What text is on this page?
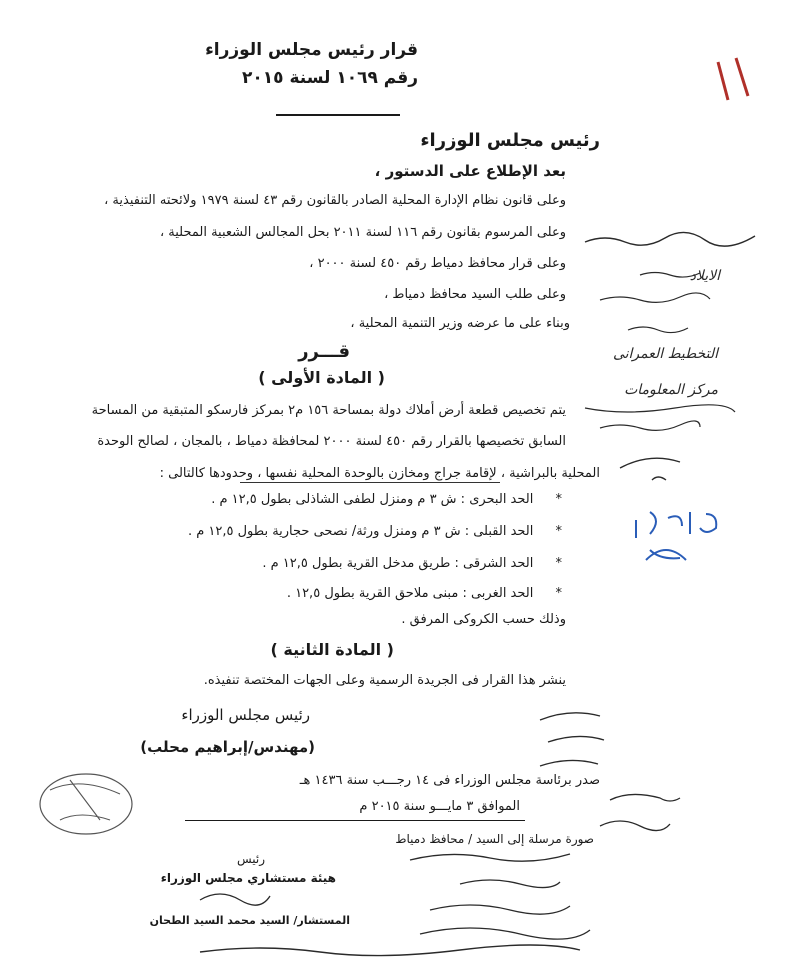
قرار رئيس مجلس الوزراء
رقم ١٠٦٩ لسنة ٢٠١٥
رئيس مجلس الوزراء
بعد الإطلاع على الدستور ،
وعلى قانون نظام الإدارة المحلية الصادر بالقانون رقم ٤٣ لسنة ١٩٧٩ ولائحته التنفيذية ،
وعلى المرسوم بقانون رقم ١١٦ لسنة ٢٠١١ بحل المجالس الشعبية المحلية ،
وعلى قرار محافظ دمياط رقم ٤٥٠ لسنة ٢٠٠٠ ،
وعلى طلب السيد محافظ دمياط ،
وبناء على ما عرضه وزير التنمية المحلية ،
قـــرر
( المادة الأولى )
يتم تخصيص قطعة أرض أملاك دولة بمساحة ١٥٦ م٢ بمركز فارسكو المتبقية من المساحة
السابق تخصيصها بالقرار رقم ٤٥٠ لسنة ٢٠٠٠ لمحافظة دمياط ، بالمجان ، لصالح الوحدة
المحلية بالبراشية ، لإقامة جراج ومخازن بالوحدة المحلية نفسها ، وحدودها كالتالى :
* الحد البحرى : ش ٣ م ومنزل لطفى الشاذلى بطول ١٢,٥ م .
* الحد القبلى : ش ٣ م ومنزل ورثة/ نصحى حجارية بطول ١٢,٥ م .
* الحد الشرقى : طريق مدخل القرية بطول ١٢,٥ م .
* الحد الغربى : مبنى ملاحق القرية بطول ١٢,٥ .
وذلك حسب الكروكى المرفق .
( المادة الثانية )
ينشر هذا القرار فى الجريدة الرسمية وعلى الجهات المختصة تنفيذه.
رئيس مجلس الوزراء
(مهندس/إبراهيم محلب)
صدر برئاسة مجلس الوزراء فى ١٤ رجـــب سنة ١٤٣٦ هـ
الموافق ٣ مايـــو سنة ٢٠١٥ م
صورة مرسلة إلى السيد / محافظ دمياط
رئيس
هيئة مستشاري مجلس الوزراء
المستشار/ السيد محمد السيد الطحان
الايلاد
التخطيط العمرانى
مركز المعلومات
